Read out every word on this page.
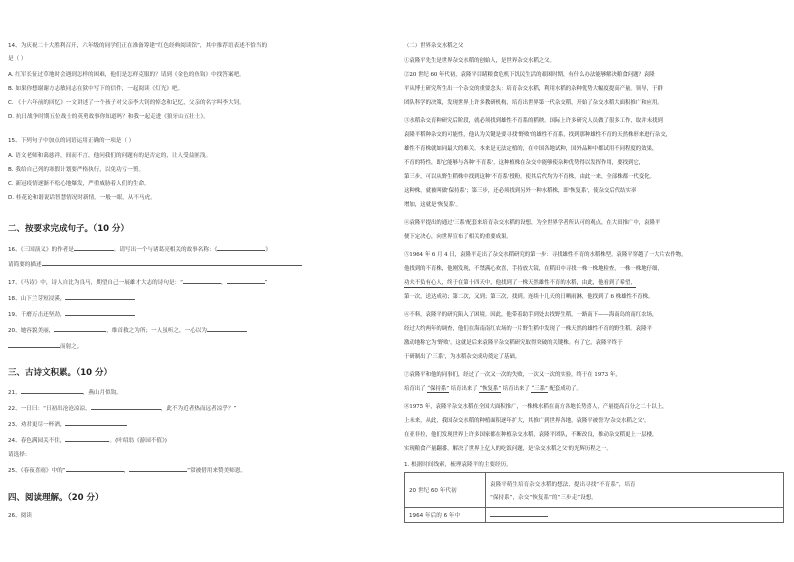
14、为庆祝二十大胜利召开，六年级的同学们正在准备筹建“红色经典阅读馆”，其中推荐语表述不恰当的
是（ ）
A. 红军长征过草地时会遇到怎样的困难，他们是怎样克服的？请到《金色的鱼钩》中找答案吧。
B. 如果你想谢谢方志敏同志在狱中写下的信件，一起阅读《灯光》吧。
C. 《十六年前的回忆》一文讲述了一个孩子对父亲李大钊的悼念和记忆，父亲的名字叫李大钊。
D. 抗日战争时期五位战士的英勇故事你知道吗？和我一起走进《狼牙山五壮士》。
15、下列句子中加点的词语运用正确的一项是（ ）
A. 语文老师和蔼慈祥，间而不言，他问我们的问题有的是否定的，让人受益匪浅。
B. 我给自己列的寒假计划要严格执行，以免功亏一篑。
C. 新冠疫情逐渐不松心地爆发，严重威胁着人们的生命。
D. 桂花论和谐说话智慧情况时新情，一般一眼，从不马虎。
二、按要求完成句子。（10 分）
16、《三国演义》的作者是	。请写出一个与诸葛亮相关的故事名称：《	》
请简要的描述
17、《马诗》中，诗人自比为良马，期望自己一展雄才大志的诗句是：“	，	”
18、山下兰芽短浸溪，
19、千磨万击还坚劲，
20、她容貌美丽，	，维首救之为所；一人虽听之，一心以为
而射之。
三、古诗文积累。（10 分）
21、	，燕山月似钩。
22、一日曰：“日初出沧沧凉凉，	，此不为近者热而远者凉乎？”
23、劝君更尽一杯酒，
24、春色满园关不住，	。(叶绍翁《游园不值》)
请选择：
25、《春夜喜雨》中的“	，	”常被借用来赞美师恩。
四、阅读理解。（20 分）
26、阅读
（二）世界杂交水稻之父
①袁隆平先生是世界杂交水稻的创始人，是世界杂交水稻之父。
②20 世纪 60 年代初，袁隆平目睹粮食危机下饥民生活的艰困时期，有什么办法能够解决粮食问题？袁隆
平从博士研究所生出一个杂交的重要念头：培育杂交水稻，利用水稻的杂种优势大幅度提高产量。领导，于群
团队科学的决策，发现世界上许多教研机构，培育出世界第一代杂交稻，开始了杂交水稻大面积推广和应用。
③水稻杂交育种研究后阶段，就必须找到雄性不育系的稻秧。国际上许多研究人员做了很多工作，取并未找到
袁隆平稻种杂交的可能性，他认为关键是要寻找'野败'的雄性不育系，找到那种雄性不育的天然株形来进行杂交，
雄性不育株就如同最大的难关。本来是无法定植的，在中国各地试种，国外品种中都试用不同程度的效果，
不育的特性，即它能够与各种'不育系'，这种植株在杂交中能够使杂种优势得以发挥作用，要找到它，
第三步，可以从野生稻株中找到这种'不育系'授粉，使其后代均为不育株，由此一来，全部株都一代变化。
这种株，就被叫做'保持系'；第三步，还必须找到另外一种水稻株，即'恢复系'，使杂交后代结实率
增加，这就是'恢复系'。
④袁隆平提出的通过'三系'配套来培育杂交水稻的设想，为全世界学者所认可的观点，在大田推广中，袁隆平
便下定决心，向世界宣布了相关的重要成果。
⑤1964 年 6 月 4 日，袁隆平走出了杂交水稻研究的第一步：寻找雄性不育的水稻株型。袁隆平穿越了一大片农作物，
他找到的不育株，他刚发现，不禁满心欢喜，手持放大镜，在稻田中寻找一株一株地检查，一株一株地仔细，
功夫不负有心人，终于在第十四天中，他找到了一株天然雄性不育的水稻，由此，他看到了希望，
第一次，送达成功；第二次，又到；第三次，找到。连续十几天的日晒雨淋，他找到了 6 株雄性不育株。
⑥不料，袁隆平的研究陷入了困境。因此，他带着助手到处去找野生稻，一路南下——海南岛的南红农场，
经过大约两年的调查，他们在海南南红农场的一片野生稻中发现了一株天然的雄性不育的野生稻。袁隆平
激动地称它为'野败'，这就是后来袁隆平杂交稻研究取得突破的关键株。有了它，袁隆平终于
于研制出了'三系'，为水稻杂交成功奠定了基础。
⑦袁隆平和他的同事们，经过了一次又一次的失败，一次又一次的实验，终于在 1973 年，
培育出了 “保持系” 培育出来了 “恢复系” 培育出来了 “三系” 配套成功了。
⑧1975 年，袁隆平杂交水稻在全国大面积推广，一株株水稻在南方各地长势喜人，产量提高百分之二十以上，
上未来，从此，我国杂交水稻的种植面积逐年扩大，其推广到世界各地，袁隆平被誉为'杂交水稻之父'，
在亚非拉，他们发现世界上许多国家都在种植杂交水稻，袁隆平团队，不断改良，推动杂交稻更上一层楼，
实现粮食产量翻番，解决了世界上亿人的吃饭问题，是'杂交水稻之父'的光辉历程之一。
1. 根据时间线索，梳理袁隆平的主要经历。
20 世纪 60 年代初	袁隆平萌生培育杂交水稻的想法，提出寻找“不育系”，培育
“保持系”，杂交“恢复系”的“三步走”设想。

1964 年后的 6 年中	
